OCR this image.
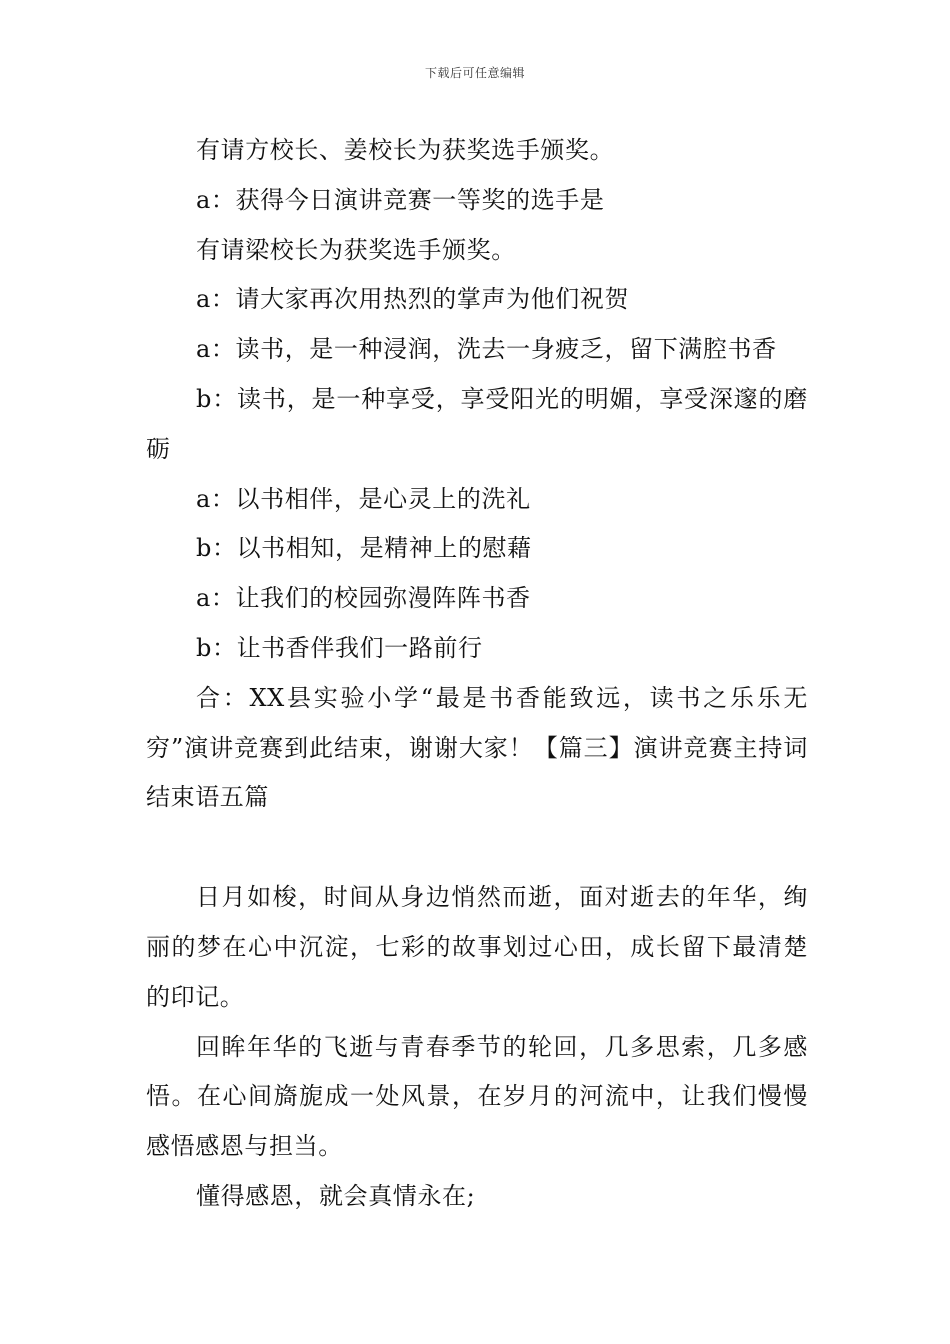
下载后可任意编辑

有请方校长、姜校长为获奖选手颁奖。

a：获得今日演讲竞赛一等奖的选手是

有请梁校长为获奖选手颁奖。

a：请大家再次用热烈的掌声为他们祝贺

a：读书，是一种浸润，洗去一身疲乏，留下满腔书香

b：读书，是一种享受，享受阳光的明媚，享受深邃的磨砺

a：以书相伴，是心灵上的洗礼

b：以书相知，是精神上的慰藉

a：让我们的校园弥漫阵阵书香

b：让书香伴我们一路前行

合：XX县实验小学“最是书香能致远，读书之乐乐无穷”演讲竞赛到此结束，谢谢大家！【篇三】演讲竞赛主持词结束语五篇

日月如梭，时间从身边悄然而逝，面对逝去的年华，绚丽的梦在心中沉淀，七彩的故事划过心田，成长留下最清楚的印记。

回眸年华的飞逝与青春季节的轮回，几多思索，几多感悟。在心间旖旎成一处风景，在岁月的河流中，让我们慢慢感悟感恩与担当。

懂得感恩，就会真情永在;
